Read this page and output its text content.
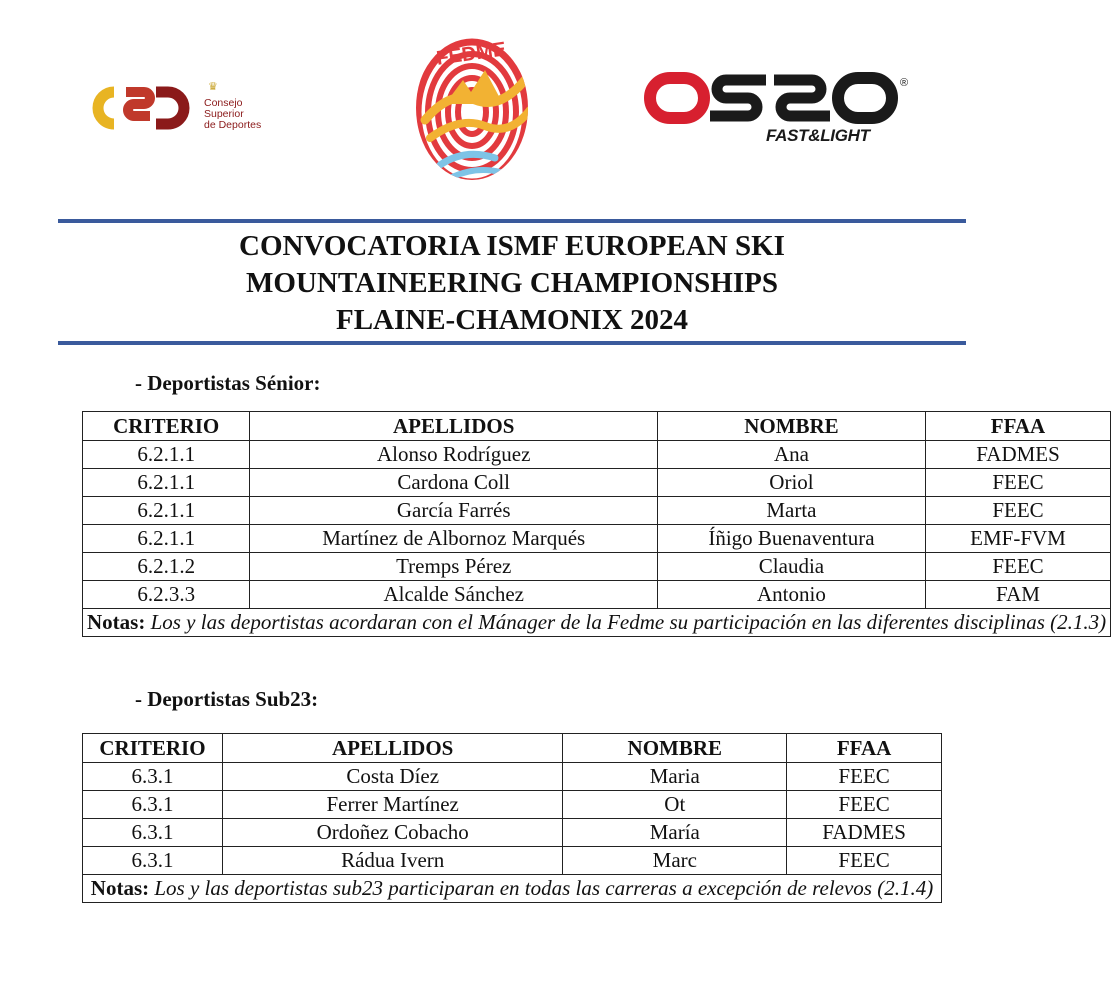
♛
Consejo
Superior
de Deportes
FEDME
®
FAST&LIGHT
CONVOCATORIA ISMF EUROPEAN SKI
MOUNTAINEERING CHAMPIONSHIPS
FLAINE-CHAMONIX 2024
- Deportistas Sénior:
CRITERIO	APELLIDOS	NOMBRE	FFAA
6.2.1.1	Alonso Rodríguez	Ana	FADMES
6.2.1.1	Cardona Coll	Oriol	FEEC
6.2.1.1	García Farrés	Marta	FEEC
6.2.1.1	Martínez de Albornoz Marqués	Íñigo Buenaventura	EMF-FVM
6.2.1.2	Tremps Pérez	Claudia	FEEC
6.2.3.3	Alcalde Sánchez	Antonio	FAM
Notas: Los y las deportistas acordaran con el Mánager de la Fedme su participación en las diferentes disciplinas (2.1.3)			
- Deportistas Sub23:
CRITERIO	APELLIDOS	NOMBRE	FFAA
6.3.1	Costa Díez	Maria	FEEC
6.3.1	Ferrer Martínez	Ot	FEEC
6.3.1	Ordoñez Cobacho	María	FADMES
6.3.1	Rádua Ivern	Marc	FEEC
Notas: Los y las deportistas sub23 participaran en todas las carreras a excepción de relevos (2.1.4)			
